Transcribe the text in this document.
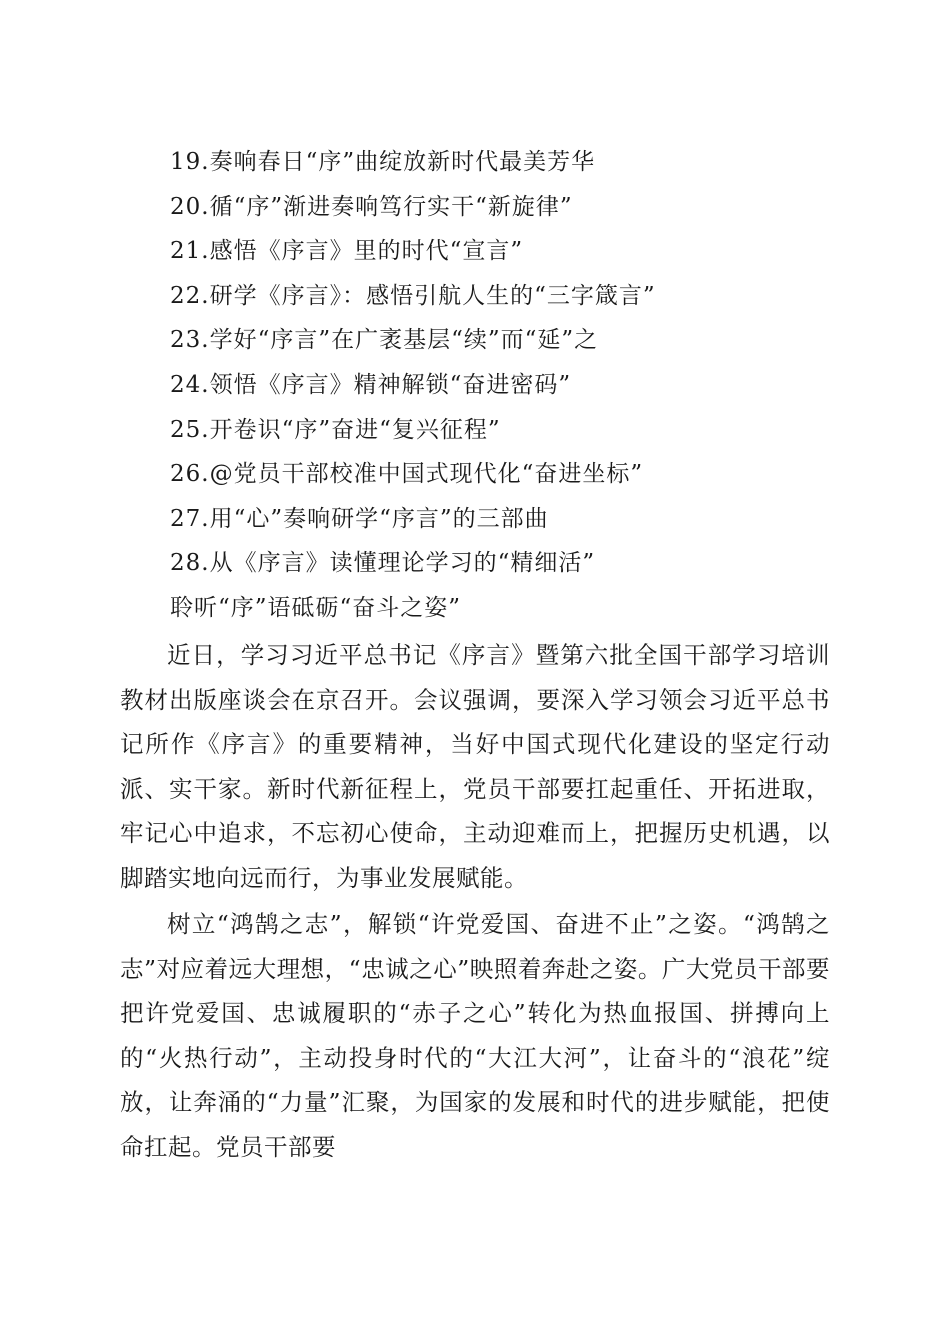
19.奏响春日“序”曲绽放新时代最美芳华
20.循“序”渐进奏响笃行实干“新旋律”
21.感悟《序言》里的时代“宣言”
22.研学《序言》：感悟引航人生的“三字箴言”
23.学好“序言”在广袤基层“续”而“延”之
24.领悟《序言》精神解锁“奋进密码”
25.开卷识“序”奋进“复兴征程”
26.@党员干部校准中国式现代化“奋进坐标”
27.用“心”奏响研学“序言”的三部曲
28.从《序言》读懂理论学习的“精细活”
聆听“序”语砥砺“奋斗之姿”

近日，学习习近平总书记《序言》暨第六批全国干部学习培训教材出版座谈会在京召开。会议强调，要深入学习领会习近平总书记所作《序言》的重要精神，当好中国式现代化建设的坚定行动派、实干家。新时代新征程上，党员干部要扛起重任、开拓进取，牢记心中追求，不忘初心使命，主动迎难而上，把握历史机遇，以脚踏实地向远而行，为事业发展赋能。

树立“鸿鹄之志”，解锁“许党爱国、奋进不止”之姿。“鸿鹄之志”对应着远大理想，“忠诚之心”映照着奔赴之姿。广大党员干部要把许党爱国、忠诚履职的“赤子之心”转化为热血报国、拼搏向上的“火热行动”，主动投身时代的“大江大河”，让奋斗的“浪花”绽放，让奔涌的“力量”汇聚，为国家的发展和时代的进步赋能，把使命扛起。党员干部要
